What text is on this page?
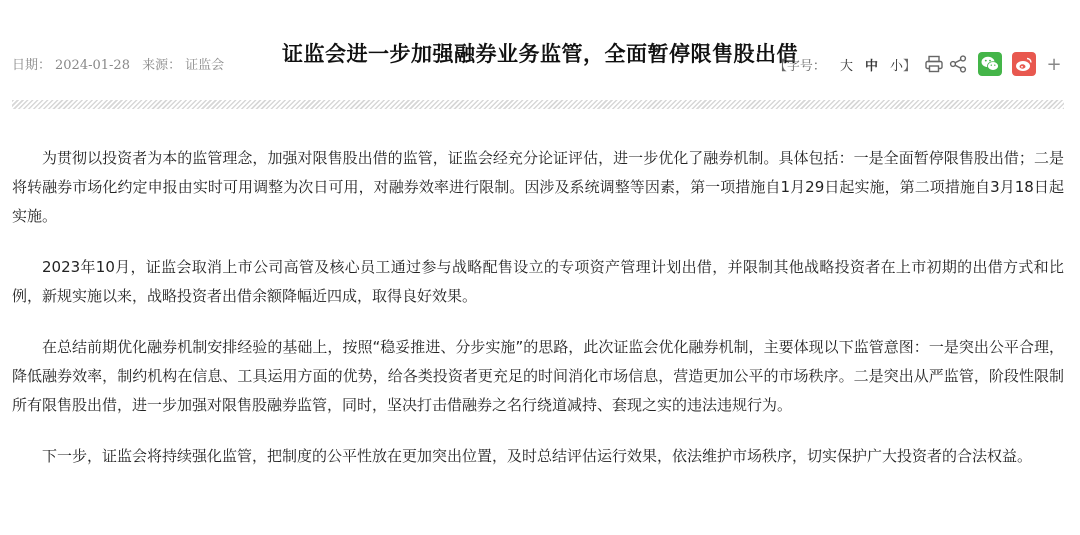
证监会进一步加强融券业务监管，全面暂停限售股出借
日期： 2024-01-28 来源： 证监会	【字号： 大 中 小 】	+

为贯彻以投资者为本的监管理念，加强对限售股出借的监管，证监会经充分论证评估，进一步优化了融券机制。具体包括：一是全面暂停限售股出借；二是将转融券市场化约定申报由实时可用调整为次日可用，对融券效率进行限制。因涉及系统调整等因素，第一项措施自1月29日起实施，第二项措施自3月18日起实施。

2023年10月，证监会取消上市公司高管及核心员工通过参与战略配售设立的专项资产管理计划出借，并限制其他战略投资者在上市初期的出借方式和比例，新规实施以来，战略投资者出借余额降幅近四成，取得良好效果。

在总结前期优化融券机制安排经验的基础上，按照“稳妥推进、分步实施”的思路，此次证监会优化融券机制，主要体现以下监管意图：一是突出公平合理，降低融券效率，制约机构在信息、工具运用方面的优势，给各类投资者更充足的时间消化市场信息，营造更加公平的市场秩序。二是突出从严监管，阶段性限制所有限售股出借，进一步加强对限售股融券监管，同时，坚决打击借融券之名行绕道减持、套现之实的违法违规行为。

下一步，证监会将持续强化监管，把制度的公平性放在更加突出位置，及时总结评估运行效果，依法维护市场秩序，切实保护广大投资者的合法权益。
